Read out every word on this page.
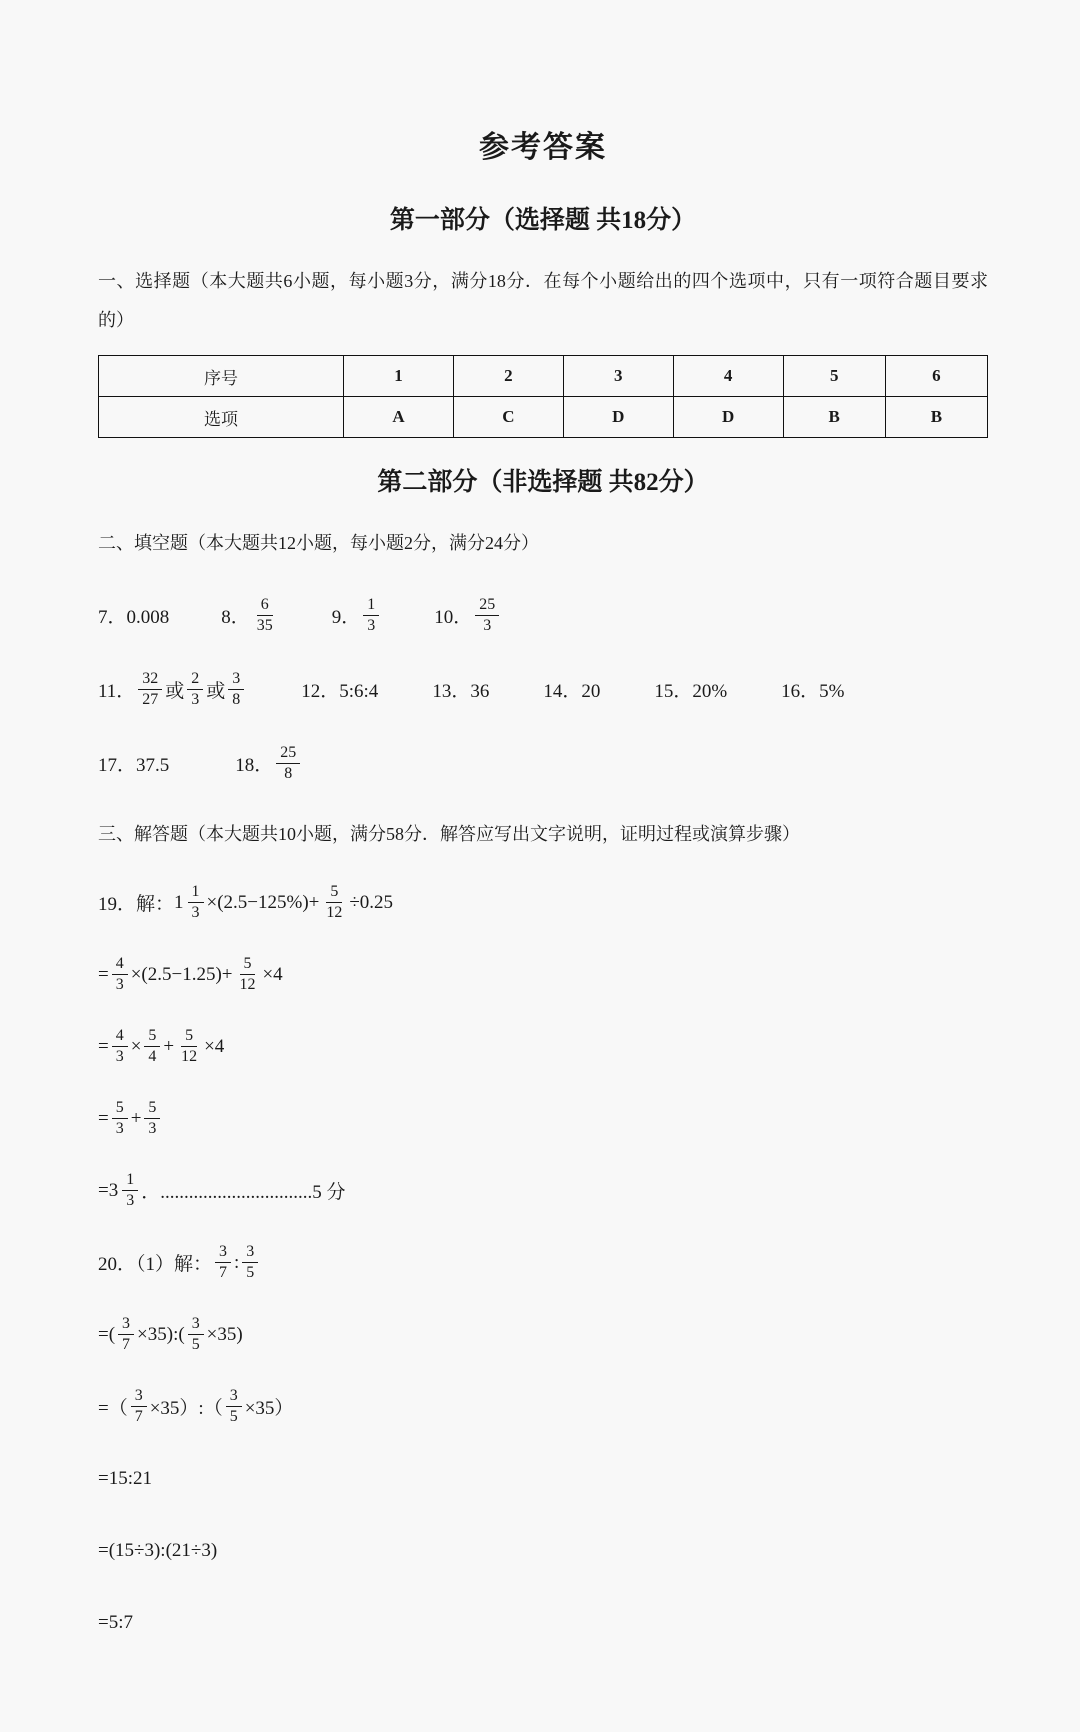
参考答案
第一部分（选择题 共18分）

一、选择题（本大题共6小题，每小题3分，满分18分．在每个小题给出的四个选项中，只有一项符合题目要求的）

序号	1	2	3	4	5	6
选项	A	C	D	D	B	B
第二部分（非选择题 共82分）

二、填空题（本大题共12小题，每小题2分，满分24分）

7．0.008	8． $\frac{6}{35}$	9． $\frac{1}{3}$	10． $\frac{25}{3}$
11． $\frac{32}{27}$ 或 $\frac{2}{3}$ 或 $\frac{3}{8}$	12．5:6:4	13．36	14．20	15．20%	16．5%
17．37.5	18． $\frac{25}{8}$

三、解答题（本大题共10小题，满分58分．解答应写出文字说明，证明过程或演算步骤）

19．解： $1 \frac{1}{3} \times(2.5-125\%)+ \frac{5}{12} \div 0.25$
= $\frac{4}{3} \times(2.5-1.25)+ \frac{5}{12} \times 4$
= $\frac{4}{3} \times \frac{5}{4} + \frac{5}{12} \times 4$
= $\frac{5}{3} + \frac{5}{3}$
= $3 \frac{1}{3}$ ．................................5 分
20．（1）解： $\frac{3}{7}$ : $\frac{3}{5}$
=( $\frac{3}{7}$ ×35):( $\frac{3}{5} \times 35$)
=（ $\frac{3}{7}$ ×35）:（ $\frac{3}{5} \times 35$）
=15:21
=(15÷3):(21÷3)
=5:7
